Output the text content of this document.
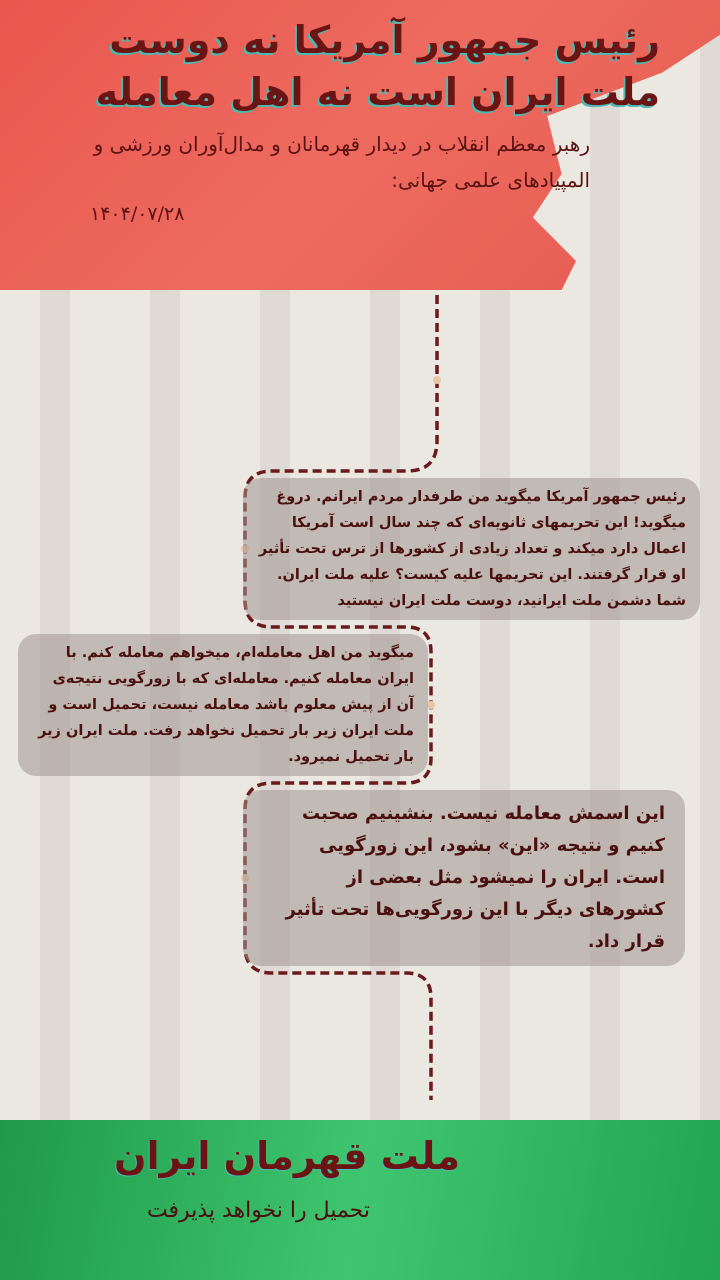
رئیس جمهور آمریکا نه دوست ملت ایران است نه اهل معامله
رهبر معظم انقلاب در دیدار قهرمانان و مدال‌آوران ورزشی و المپیادهای علمی جهانی:
۱۴۰۴/۰۷/۲۸
رئیس جمهور آمریکا میگوید من طرفدار مردم ایرانم. دروغ میگوید! این تحریمهای ثانویه‌ای که چند سال است آمریکا اعمال دارد میکند و تعداد زیادی از کشورها از ترس تحت تأثیر او قرار گرفتند. این تحریمها علیه کیست؟ علیه ملت ایران. شما دشمن ملت ایرانید، دوست ملت ایران نیستید
میگوید من اهل معامله‌ام، میخواهم معامله کنم. با ایران معامله کنیم. معامله‌ای که با زورگویی نتیجه‌ی آن از پیش معلوم باشد معامله نیست، تحمیل است و ملت ایران زیر بار تحمیل نخواهد رفت. ملت ایران زیر بار تحمیل نمیرود.
این اسمش معامله نیست. بنشینیم صحبت کنیم و نتیجه «این» بشود، این زورگویی است. ایران را نمیشود مثل بعضی از کشورهای دیگر با این زورگویی‌ها تحت تأثیر قرار داد.
ملت قهرمان ایران
تحمیل را نخواهد پذیرفت
